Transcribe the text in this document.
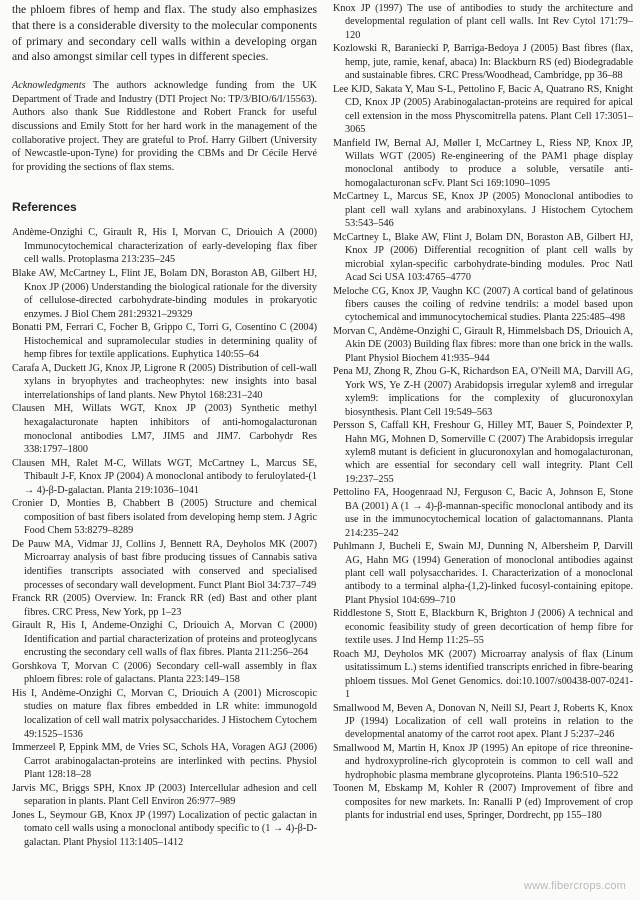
the phloem fibres of hemp and flax. The study also emphasizes that there is a considerable diversity to the molecular components of primary and secondary cell walls within a developing organ and also amongst similar cell types in different species.

Acknowledgments The authors acknowledge funding from the UK Department of Trade and Industry (DTI Project No: TP/3/BIO/6/I/15563). Authors also thank Sue Riddlestone and Robert Franck for useful discussions and Emily Stott for her hard work in the management of the collaborative project. They are grateful to Prof. Harry Gilbert (University of Newcastle-upon-Tyne) for providing the CBMs and Dr Cécile Hervé for providing the sections of flax stems.

References

Andème-Onzighi C, Girault R, His I, Morvan C, Driouich A (2000) Immunocytochemical characterization of early-developing flax fiber cell walls. Protoplasma 213:235–245

Blake AW, McCartney L, Flint JE, Bolam DN, Boraston AB, Gilbert HJ, Knox JP (2006) Understanding the biological rationale for the diversity of cellulose-directed carbohydrate-binding modules in prokaryotic enzymes. J Biol Chem 281:29321–29329

Bonatti PM, Ferrari C, Focher B, Grippo C, Torri G, Cosentino C (2004) Histochemical and supramolecular studies in determining quality of hemp fibres for textile applications. Euphytica 140:55–64

Carafa A, Duckett JG, Knox JP, Ligrone R (2005) Distribution of cell-wall xylans in bryophytes and tracheophytes: new insights into basal interrelationships of land plants. New Phytol 168:231–240

Clausen MH, Willats WGT, Knox JP (2003) Synthetic methyl hexagalacturonate hapten inhibitors of anti-homogalacturonan monoclonal antibodies LM7, JIM5 and JIM7. Carbohydr Res 338:1797–1800

Clausen MH, Ralet M-C, Willats WGT, McCartney L, Marcus SE, Thibault J-F, Knox JP (2004) A monoclonal antibody to feruloylated-(1 → 4)-β-D-galactan. Planta 219:1036–1041

Cronier D, Monties B, Chabbert B (2005) Structure and chemical composition of bast fibers isolated from developing hemp stem. J Agric Food Chem 53:8279–8289

De Pauw MA, Vidmar JJ, Collins J, Bennett RA, Deyholos MK (2007) Microarray analysis of bast fibre producing tissues of Cannabis sativa identifies transcripts associated with conserved and specialised processes of secondary wall development. Funct Plant Biol 34:737–749

Franck RR (2005) Overview. In: Franck RR (ed) Bast and other plant fibres. CRC Press, New York, pp 1–23

Girault R, His I, Andeme-Onzighi C, Driouich A, Morvan C (2000) Identification and partial characterization of proteins and proteoglycans encrusting the secondary cell walls of flax fibres. Planta 211:256–264

Gorshkova T, Morvan C (2006) Secondary cell-wall assembly in flax phloem fibres: role of galactans. Planta 223:149–158

His I, Andème-Onzighi C, Morvan C, Driouich A (2001) Microscopic studies on mature flax fibres embedded in LR white: immunogold localization of cell wall matrix polysaccharides. J Histochem Cytochem 49:1525–1536

Immerzeel P, Eppink MM, de Vries SC, Schols HA, Voragen AGJ (2006) Carrot arabinogalactan-proteins are interlinked with pectins. Physiol Plant 128:18–28

Jarvis MC, Briggs SPH, Knox JP (2003) Intercellular adhesion and cell separation in plants. Plant Cell Environ 26:977–989

Jones L, Seymour GB, Knox JP (1997) Localization of pectic galactan in tomato cell walls using a monoclonal antibody specific to (1 → 4)-β-D-galactan. Plant Physiol 113:1405–1412

Knox JP (1997) The use of antibodies to study the architecture and developmental regulation of plant cell walls. Int Rev Cytol 171:79–120

Kozlowski R, Baraniecki P, Barriga-Bedoya J (2005) Bast fibres (flax, hemp, jute, ramie, kenaf, abaca) In: Blackburn RS (ed) Biodegradable and sustainable fibres. CRC Press/Woodhead, Cambridge, pp 36–88

Lee KJD, Sakata Y, Mau S-L, Pettolino F, Bacic A, Quatrano RS, Knight CD, Knox JP (2005) Arabinogalactan-proteins are required for apical cell extension in the moss Physcomitrella patens. Plant Cell 17:3051–3065

Manfield IW, Bernal AJ, Møller I, McCartney L, Riess NP, Knox JP, Willats WGT (2005) Re-engineering of the PAM1 phage display monoclonal antibody to produce a soluble, versatile anti-homogalacturonan scFv. Plant Sci 169:1090–1095

McCartney L, Marcus SE, Knox JP (2005) Monoclonal antibodies to plant cell wall xylans and arabinoxylans. J Histochem Cytochem 53:543–546

McCartney L, Blake AW, Flint J, Bolam DN, Boraston AB, Gilbert HJ, Knox JP (2006) Differential recognition of plant cell walls by microbial xylan-specific carbohydrate-binding modules. Proc Natl Acad Sci USA 103:4765–4770

Meloche CG, Knox JP, Vaughn KC (2007) A cortical band of gelatinous fibers causes the coiling of redvine tendrils: a model based upon cytochemical and immunocytochemical studies. Planta 225:485–498

Morvan C, Andème-Onzighi C, Girault R, Himmelsbach DS, Driouich A, Akin DE (2003) Building flax fibres: more than one brick in the walls. Plant Physiol Biochem 41:935–944

Pena MJ, Zhong R, Zhou G-K, Richardson EA, O'Neill MA, Darvill AG, York WS, Ye Z-H (2007) Arabidopsis irregular xylem8 and irregular xylem9: implications for the complexity of glucuronoxylan biosynthesis. Plant Cell 19:549–563

Persson S, Caffall KH, Freshour G, Hilley MT, Bauer S, Poindexter P, Hahn MG, Mohnen D, Somerville C (2007) The Arabidopsis irregular xylem8 mutant is deficient in glucuronoxylan and homogalacturonan, which are essential for secondary cell wall integrity. Plant Cell 19:237–255

Pettolino FA, Hoogenraad NJ, Ferguson C, Bacic A, Johnson E, Stone BA (2001) A (1 → 4)-β-mannan-specific monoclonal antibody and its use in the immunocytochemical location of galactomannans. Planta 214:235–242

Puhlmann J, Bucheli E, Swain MJ, Dunning N, Albersheim P, Darvill AG, Hahn MG (1994) Generation of monoclonal antibodies against plant cell wall polysaccharides. I. Characterization of a monoclonal antibody to a terminal alpha-(1,2)-linked fucosyl-containing epitope. Plant Physiol 104:699–710

Riddlestone S, Stott E, Blackburn K, Brighton J (2006) A technical and economic feasibility study of green decortication of hemp fibre for textile uses. J Ind Hemp 11:25–55

Roach MJ, Deyholos MK (2007) Microarray analysis of flax (Linum usitatissimum L.) stems identified transcripts enriched in fibre-bearing phloem tissues. Mol Genet Genomics. doi:10.1007/s00438-007-0241-1

Smallwood M, Beven A, Donovan N, Neill SJ, Peart J, Roberts K, Knox JP (1994) Localization of cell wall proteins in relation to the developmental anatomy of the carrot root apex. Plant J 5:237–246

Smallwood M, Martin H, Knox JP (1995) An epitope of rice threonine- and hydroxyproline-rich glycoprotein is common to cell wall and hydrophobic plasma membrane glycoproteins. Planta 196:510–522

Toonen M, Ebskamp M, Kohler R (2007) Improvement of fibre and composites for new markets. In: Ranalli P (ed) Improvement of crop plants for industrial end uses, Springer, Dordrecht, pp 155–180

www.fibercrops.com
